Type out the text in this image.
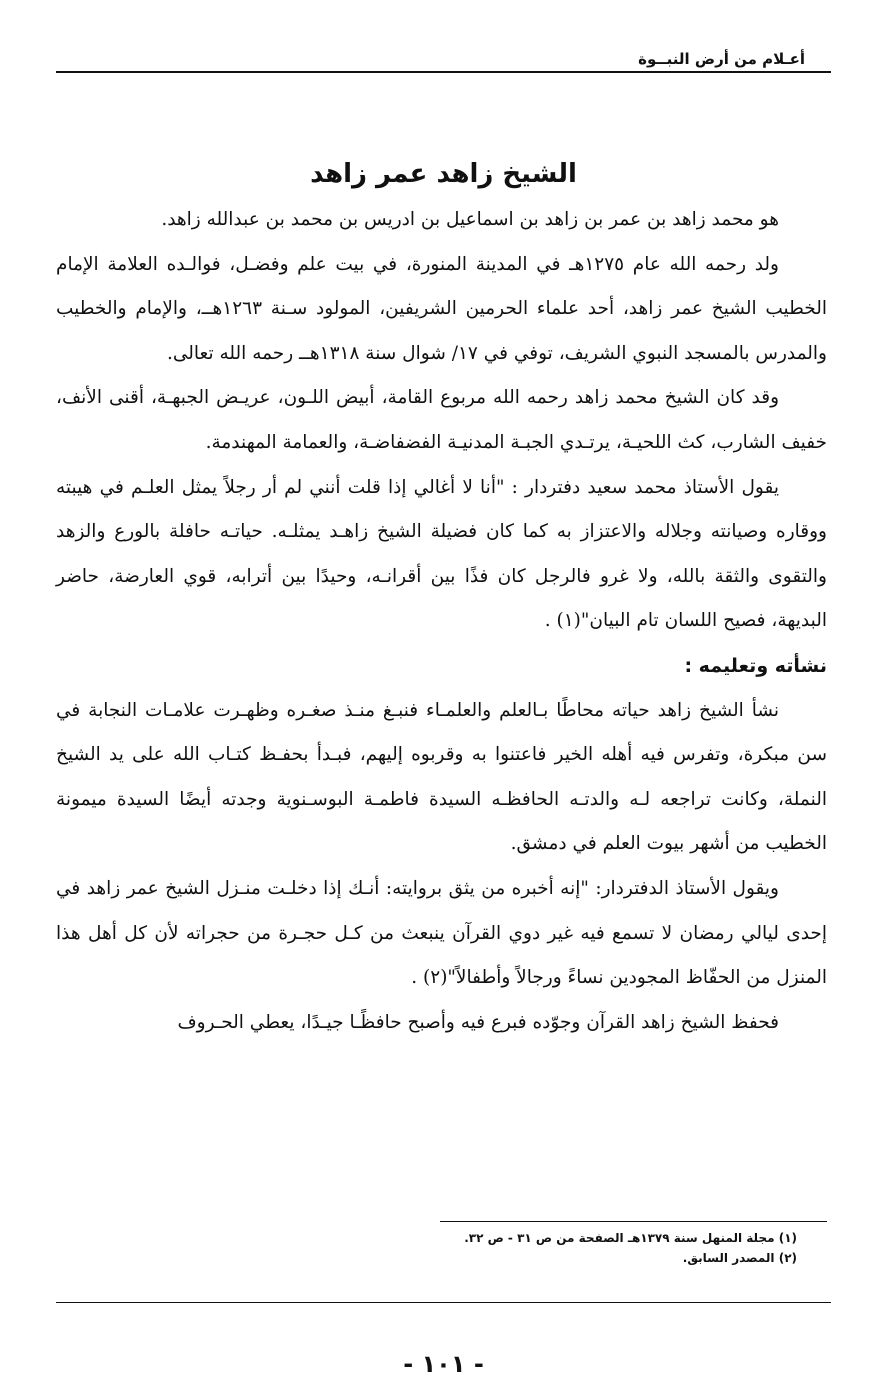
أعـلام من أرض النبــوة
الشيخ زاهد عمر زاهد

هو محمد زاهد بن عمر بن زاهد بن اسماعيل بن ادريس بن محمد بن عبدالله زاهد.

ولد رحمه الله عام ١٢٧٥هـ في المدينة المنورة، في بيت علم وفضـل، فوالـده العلامة الإمام الخطيب الشيخ عمر زاهد، أحد علماء الحرمين الشريفين، المولود سـنة ١٢٦٣هــ، والإمام والخطيب والمدرس بالمسجد النبوي الشريف، توفي في ١٧/ شوال سنة ١٣١٨هــ رحمه الله تعالى.

وقد كان الشيخ محمد زاهد رحمه الله مربوع القامة، أبيض اللـون، عريـض الجبهـة، أقنى الأنف، خفيف الشارب، كث اللحيـة، يرتـدي الجبـة المدنيـة الفضفاضـة، والعمامة المهندمة.

يقول الأستاذ محمد سعيد دفتردار : "أنا لا أغالي إذا قلت أنني لم أر رجلاً يمثل العلـم في هيبته ووقاره وصيانته وجلاله والاعتزاز به كما كان فضيلة الشيخ زاهـد يمثلـه. حياتـه حافلة بالورع والزهد والتقوى والثقة بالله، ولا غرو فالرجل كان فذًا بين أقرانـه، وحيدًا بين أترابه، قوي العارضة، حاضر البديهة، فصيح اللسان تام البيان"(١) .

نشأته وتعليمه :

نشأ الشيخ زاهد حياته محاطًا بـالعلم والعلمـاء فنبـغ منـذ صغـره وظهـرت علامـات النجابة في سن مبكرة، وتفرس فيه أهله الخير فاعتنوا به وقربوه إليهم، فبـدأ بحفـظ كتـاب الله على يد الشيخ النملة، وكانت تراجعه لـه والدتـه الحافظـه السيدة فاطمـة البوسـنوية وجدته أيضًا السيدة ميمونة الخطيب من أشهر بيوت العلم في دمشق.

ويقول الأستاذ الدفتردار: "إنه أخبره من يثق بروايته: أنـك إذا دخلـت منـزل الشيخ عمر زاهد في إحدى ليالي رمضان لا تسمع فيه غير دوي القرآن ينبعث من كـل حجـرة من حجراته لأن كل أهل هذا المنزل من الحفّاظ المجودين نساءً ورجالاً وأطفالاً"(٢) .

فحفظ الشيخ زاهد القرآن وجوّده فبرع فيه وأصبح حافظًـا جيـدًا، يعطي الحـروف

(١) مجلة المنهل سنة ١٣٧٩هـ الصفحة من ص ٣١ - ص ٣٢.

(٢) المصدر السابق.

- ١٠١ -
